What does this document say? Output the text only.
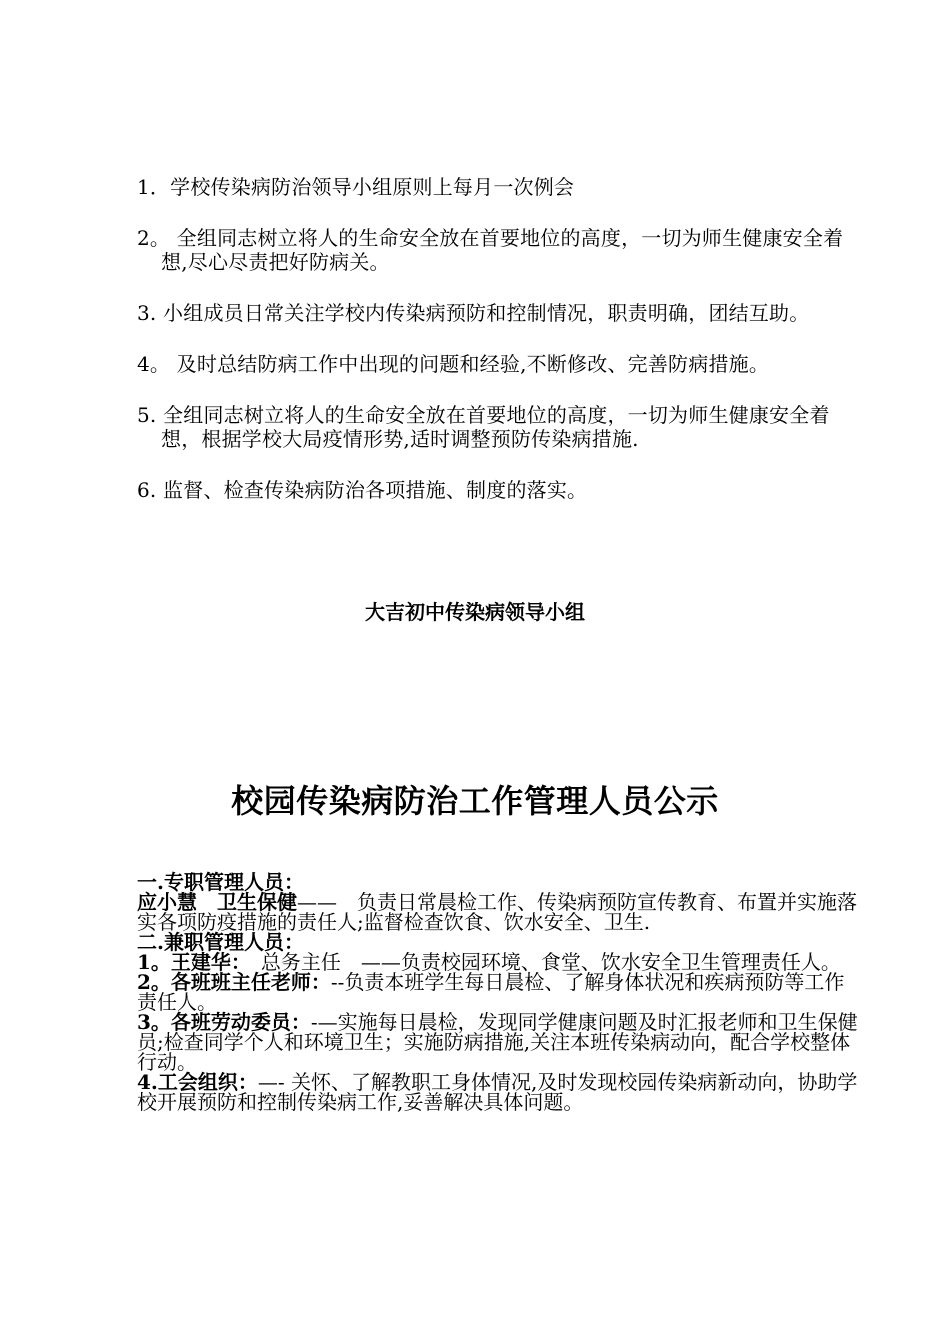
1．学校传染病防治领导小组原则上每月一次例会
2。 全组同志树立将人的生命安全放在首要地位的高度，一切为师生健康安全着想,尽心尽责把好防病关。
3. 小组成员日常关注学校内传染病预防和控制情况，职责明确，团结互助。
4。 及时总结防病工作中出现的问题和经验,不断修改、完善防病措施。
5. 全组同志树立将人的生命安全放在首要地位的高度，一切为师生健康安全着想，根据学校大局疫情形势,适时调整预防传染病措施.
6. 监督、检查传染病防治各项措施、制度的落实。

大吉初中传染病领导小组

校园传染病防治工作管理人员公示

一.专职管理人员：

应小慧　卫生保健——　负责日常晨检工作、传染病预防宣传教育、布置并实施落实各项防疫措施的责任人;监督检查饮食、饮水安全、卫生.

二.兼职管理人员：

1。王建华：　总务主任　——负责校园环境、食堂、饮水安全卫生管理责任人。

2。各班班主任老师：--负责本班学生每日晨检、了解身体状况和疾病预防等工作责任人。

3。各班劳动委员：-—实施每日晨检，发现同学健康问题及时汇报老师和卫生保健员;检查同学个人和环境卫生；实施防病措施,关注本班传染病动向，配合学校整体行动。

4.工会组织：—- 关怀、了解教职工身体情况,及时发现校园传染病新动向，协助学校开展预防和控制传染病工作,妥善解决具体问题。
